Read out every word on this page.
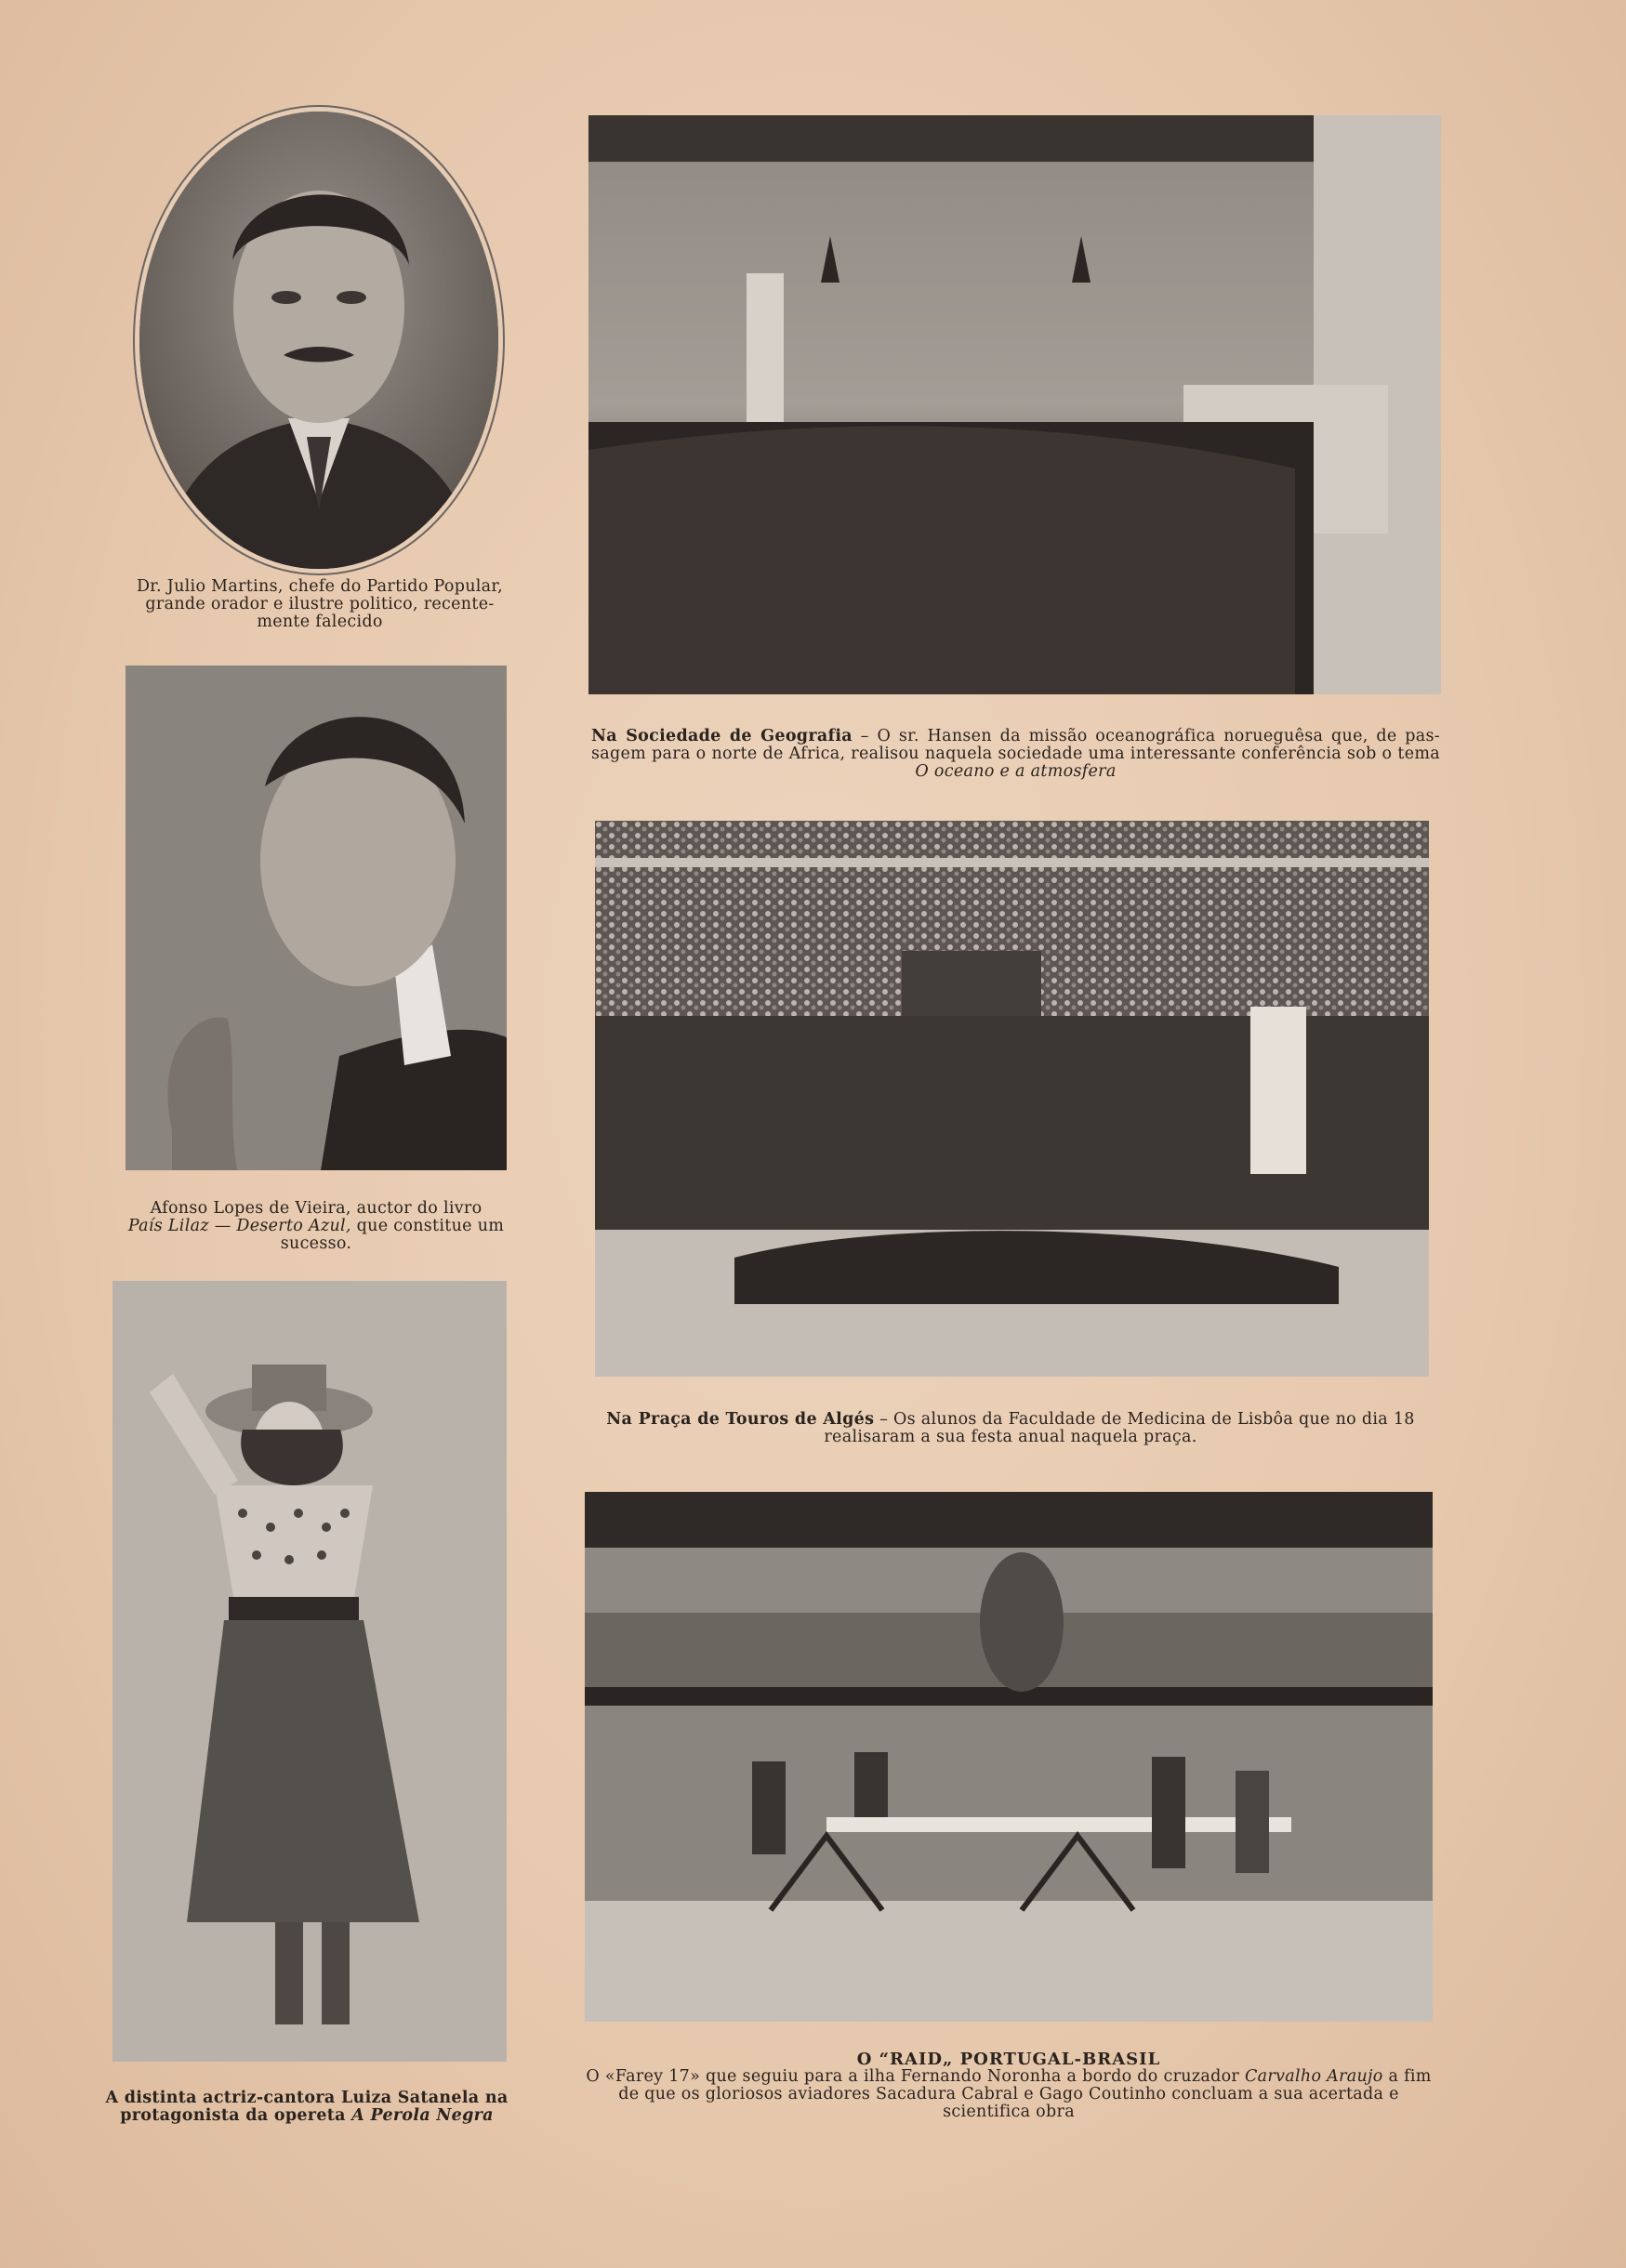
Dr. Julio Martins, chefe do Partido Popular,
grande orador e ilustre politico, recente-
mente falecido
Na Sociedade de Geografia – O sr. Hansen da missão oceanográfica norueguêsa que, de pas-sagem para o norte de Africa, realisou naquela sociedade uma interessante conferência sob o tema O oceano e a atmosfera
Afonso Lopes de Vieira, auctor do livro
País Lilaz — Deserto Azul, que constitue um sucesso.
Na Praça de Touros de Algés – Os alunos da Faculdade de Medicina de Lisbôa que no dia 18 realisaram a sua festa anual naquela praça.
A distinta actriz-cantora Luiza Satanela na protagonista da opereta A Perola Negra
O “RAID„ PORTUGAL-BRASIL
O «Farey 17» que seguiu para a ilha Fernando Noronha a bordo do cruzador Carvalho Araujo a fim de que os gloriosos aviadores Sacadura Cabral e Gago Coutinho concluam a sua acertada e scientifica obra
